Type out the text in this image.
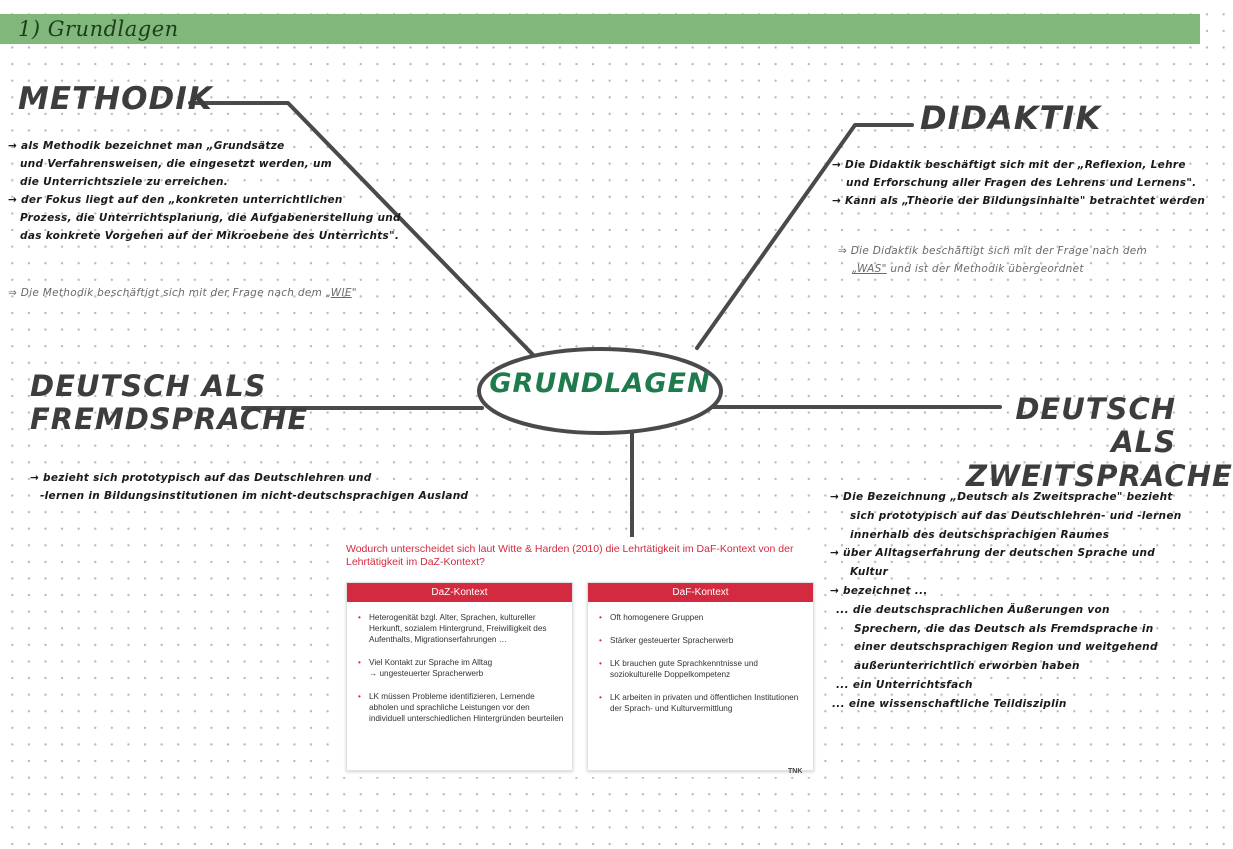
1) Grundlagen
GRUNDLAGEN
METHODIK

→ als Methodik bezeichnet man „Grundsätze

und Verfahrensweisen, die eingesetzt werden, um

die Unterrichtsziele zu erreichen.

→ der Fokus liegt auf den „konkreten unterrichtlichen

Prozess, die Unterrichtsplanung, die Aufgabenerstellung und

das konkrete Vorgehen auf der Mikroebene des Unterrichts".

⇒ Die Methodik beschäftigt sich mit der Frage nach dem „WIE"
DIDAKTIK

→ Die Didaktik beschäftigt sich mit der „Reflexion, Lehre

und Erforschung aller Fragen des Lehrens und Lernens".

→ Kann als „Theorie der Bildungsinhalte" betrachtet werden

⇒ Die Didaktik beschäftigt sich mit der Frage nach dem

„WAS" und ist der Methodik übergeordnet

DEUTSCH ALS
FREMDSPRACHE

→ bezieht sich prototypisch auf das Deutschlehren und

-lernen in Bildungsinstitutionen im nicht-deutschsprachigen Ausland

DEUTSCH ALS
ZWEITSPRACHE

→ Die Bezeichnung „Deutsch als Zweitsprache" bezieht

sich prototypisch auf das Deutschlehren- und -lernen

innerhalb des deutschsprachigen Raumes

→ über Alltagserfahrung der deutschen Sprache und

Kultur

→ bezeichnet ...

... die deutschsprachlichen Äußerungen von

Sprechern, die das Deutsch als Fremdsprache in

einer deutschsprachigen Region und weitgehend

außerunterrichtlich erworben haben

... ein Unterrichtsfach

... eine wissenschaftliche Teildisziplin

Wodurch unterscheidet sich laut Witte & Harden (2010) die Lehrtätigkeit im DaF-Kontext von der Lehrtätigkeit im DaZ-Kontext?
DaZ-Kontext
• Heterogenität bzgl. Alter, Sprachen, kultureller Herkunft, sozialem Hintergrund, Freiwilligkeit des Aufenthalts, Migrationserfahrungen …
• Viel Kontakt zur Sprache im Alltag
→ ungesteuerter Spracherwerb
• LK müssen Probleme identifizieren, Lernende abholen und sprachliche Leistungen vor den individuell unterschiedlichen Hintergründen beurteilen
DaF-Kontext
• Oft homogenere Gruppen
• Stärker gesteuerter Spracherwerb
• LK brauchen gute Sprachkenntnisse und soziokulturelle Doppelkompetenz
• LK arbeiten in privaten und öffentlichen Institutionen der Sprach- und Kulturvermittlung
TNK
